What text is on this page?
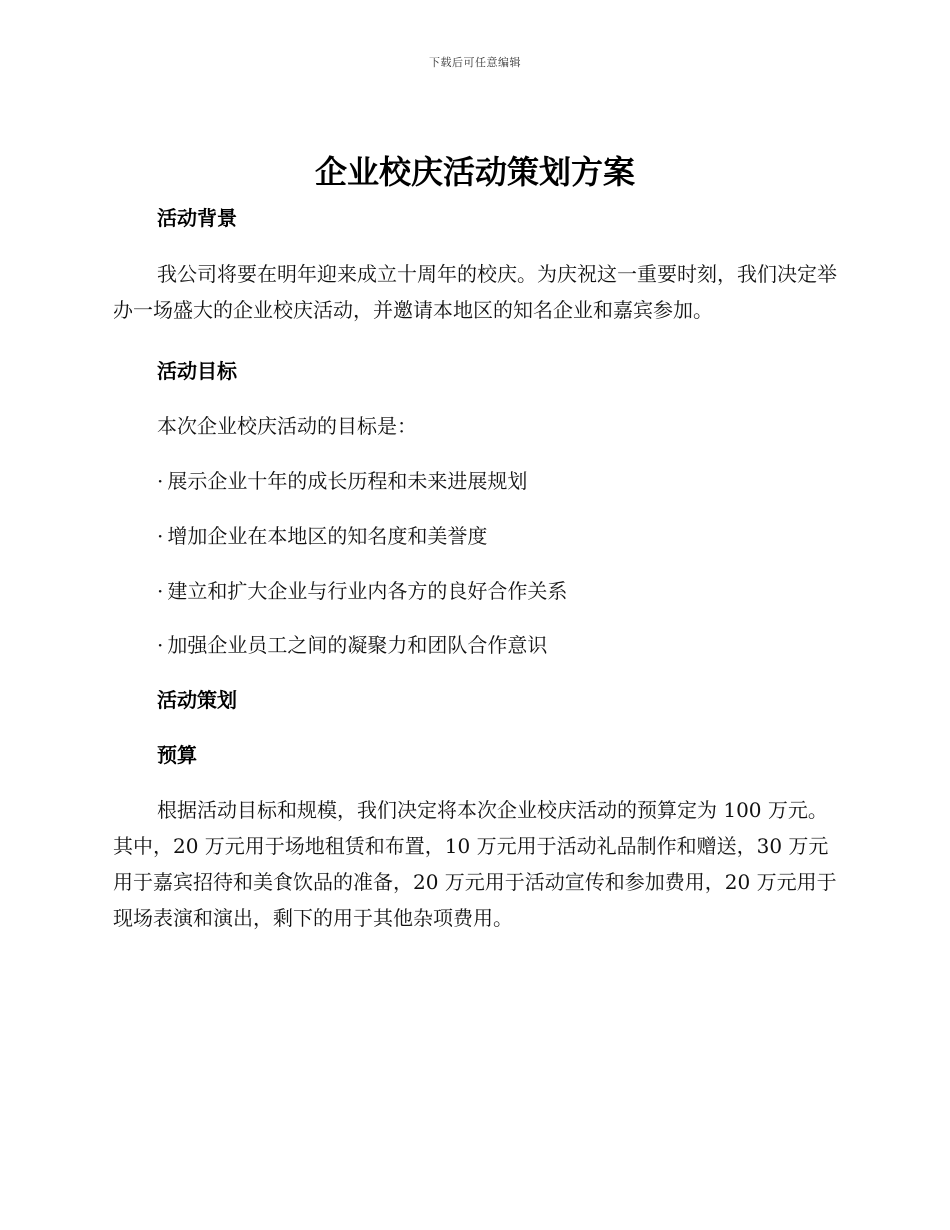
下载后可任意编辑
企业校庆活动策划方案
活动背景

我公司将要在明年迎来成立十周年的校庆。为庆祝这一重要时刻，我们决定举办一场盛大的企业校庆活动，并邀请本地区的知名企业和嘉宾参加。

活动目标

本次企业校庆活动的目标是：

· 展示企业十年的成长历程和未来进展规划

· 增加企业在本地区的知名度和美誉度

· 建立和扩大企业与行业内各方的良好合作关系

· 加强企业员工之间的凝聚力和团队合作意识

活动策划
预算

根据活动目标和规模，我们决定将本次企业校庆活动的预算定为 100 万元。其中，20 万元用于场地租赁和布置，10 万元用于活动礼品制作和赠送，30 万元用于嘉宾招待和美食饮品的准备，20 万元用于活动宣传和参加费用，20 万元用于现场表演和演出，剩下的用于其他杂项费用。
